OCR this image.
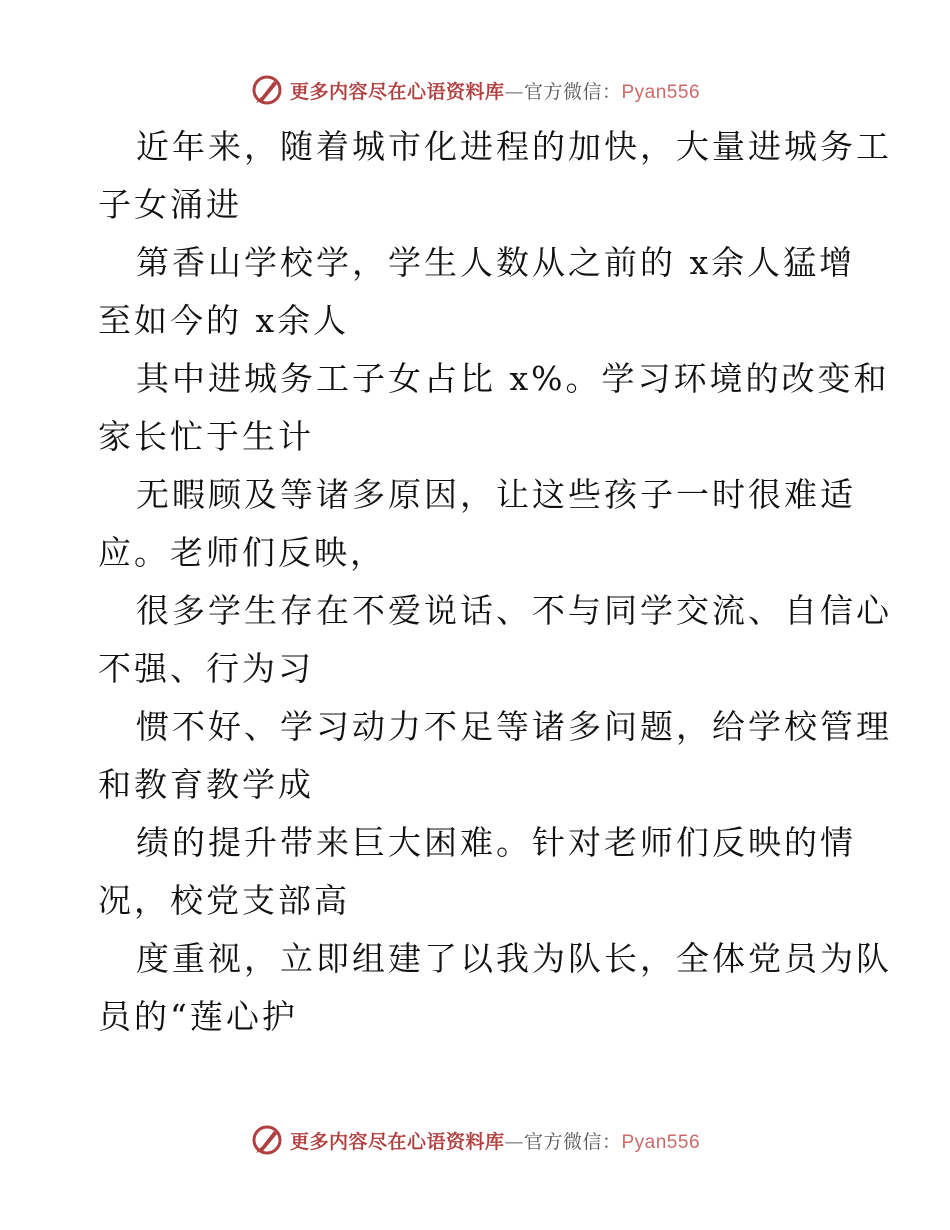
更多内容尽在心语资料库—官方微信：Pyan556
近年来，随着城市化进程的加快，大量进城务工
子女涌进
第香山学校学，学生人数从之前的 x余人猛增
至如今的 x余人
其中进城务工子女占比 x%。学习环境的改变和
家长忙于生计
无暇顾及等诸多原因，让这些孩子一时很难适
应。老师们反映，
很多学生存在不爱说话、不与同学交流、自信心
不强、行为习
惯不好、学习动力不足等诸多问题，给学校管理
和教育教学成
绩的提升带来巨大困难。针对老师们反映的情
况，校党支部高
度重视，立即组建了以我为队长，全体党员为队
员的“莲心护
更多内容尽在心语资料库—官方微信：Pyan556
